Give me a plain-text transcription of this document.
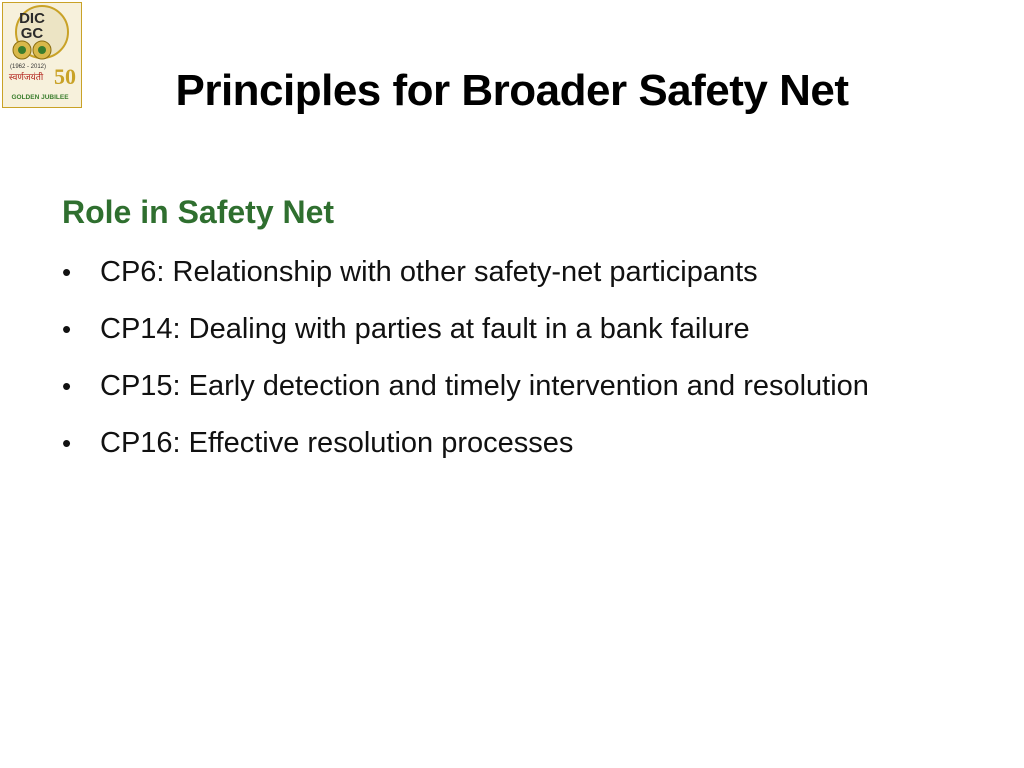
DIC
GC
(1962 - 2012)
स्वर्णजयंती 50
GOLDEN JUBILEE	Principles for Broader Safety Net
Role in Safety Net
• CP6: Relationship with other safety-net participants
• CP14: Dealing with parties at fault in a bank failure
• CP15: Early detection and timely intervention and resolution
• CP16: Effective resolution processes
